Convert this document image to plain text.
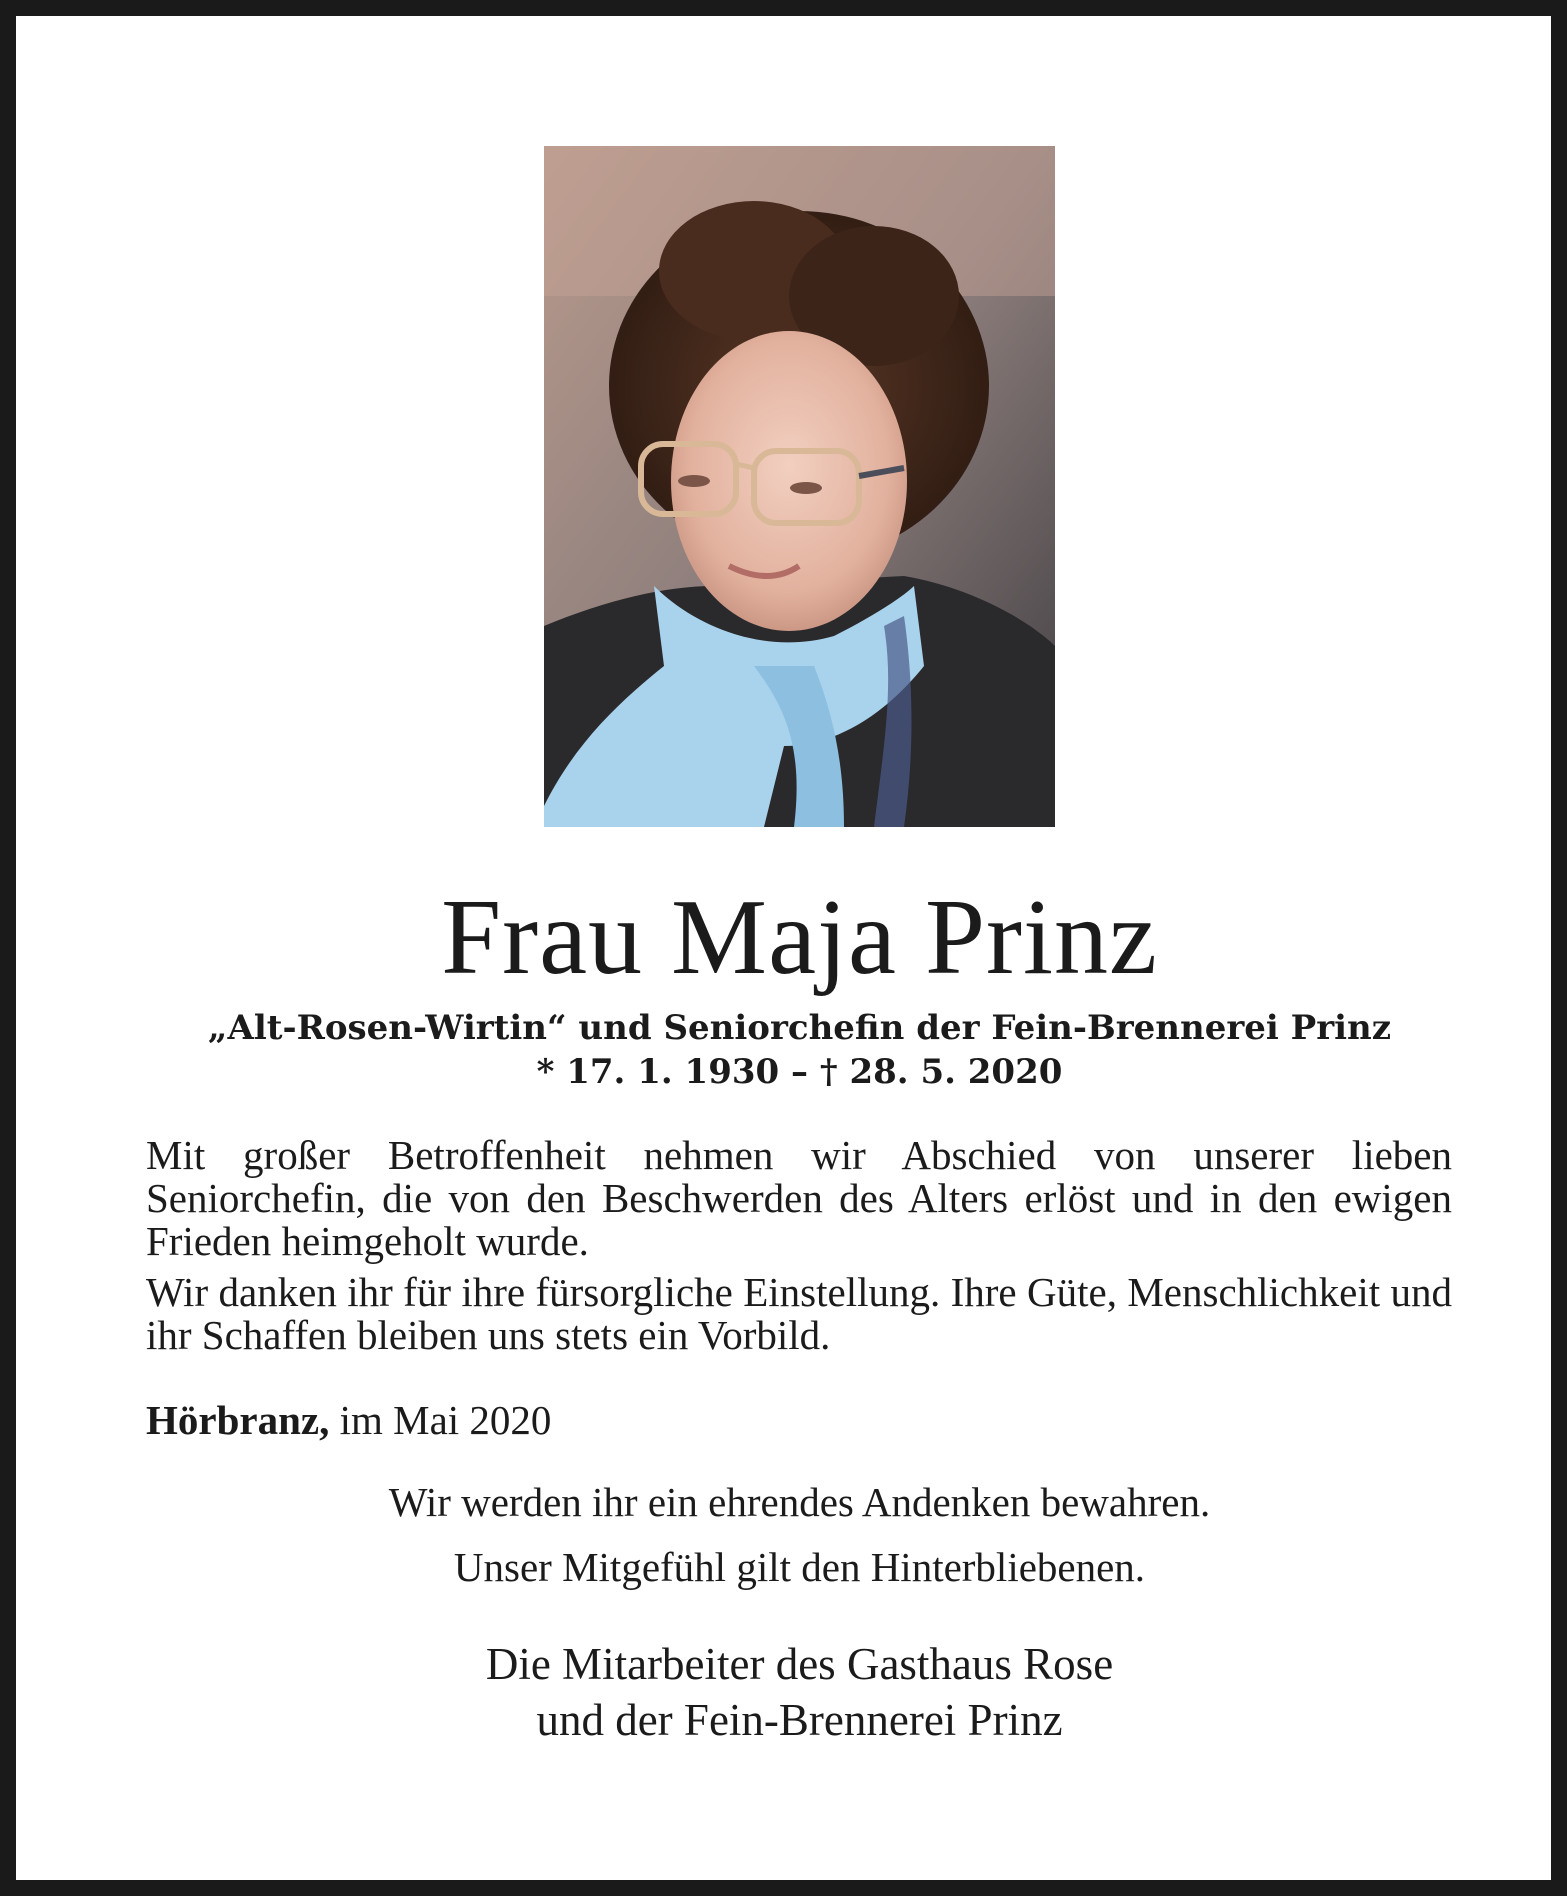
Frau Maja Prinz
„Alt-Rosen-Wirtin“ und Seniorchefin der Fein-Brennerei Prinz
* 17. 1. 1930 – † 28. 5. 2020

Mit großer Betroffenheit nehmen wir Abschied von unserer lieben Seniorchefin, die von den Beschwerden des Alters erlöst und in den ewigen Frieden heimgeholt wurde.

Wir danken ihr für ihre fürsorgliche Einstellung. Ihre Güte, Menschlichkeit und ihr Schaffen bleiben uns stets ein Vorbild.

Hörbranz, im Mai 2020
Wir werden ihr ein ehrendes Andenken bewahren.
Unser Mitgefühl gilt den Hinterbliebenen.
Die Mitarbeiter des Gasthaus Rose
und der Fein-Brennerei Prinz
